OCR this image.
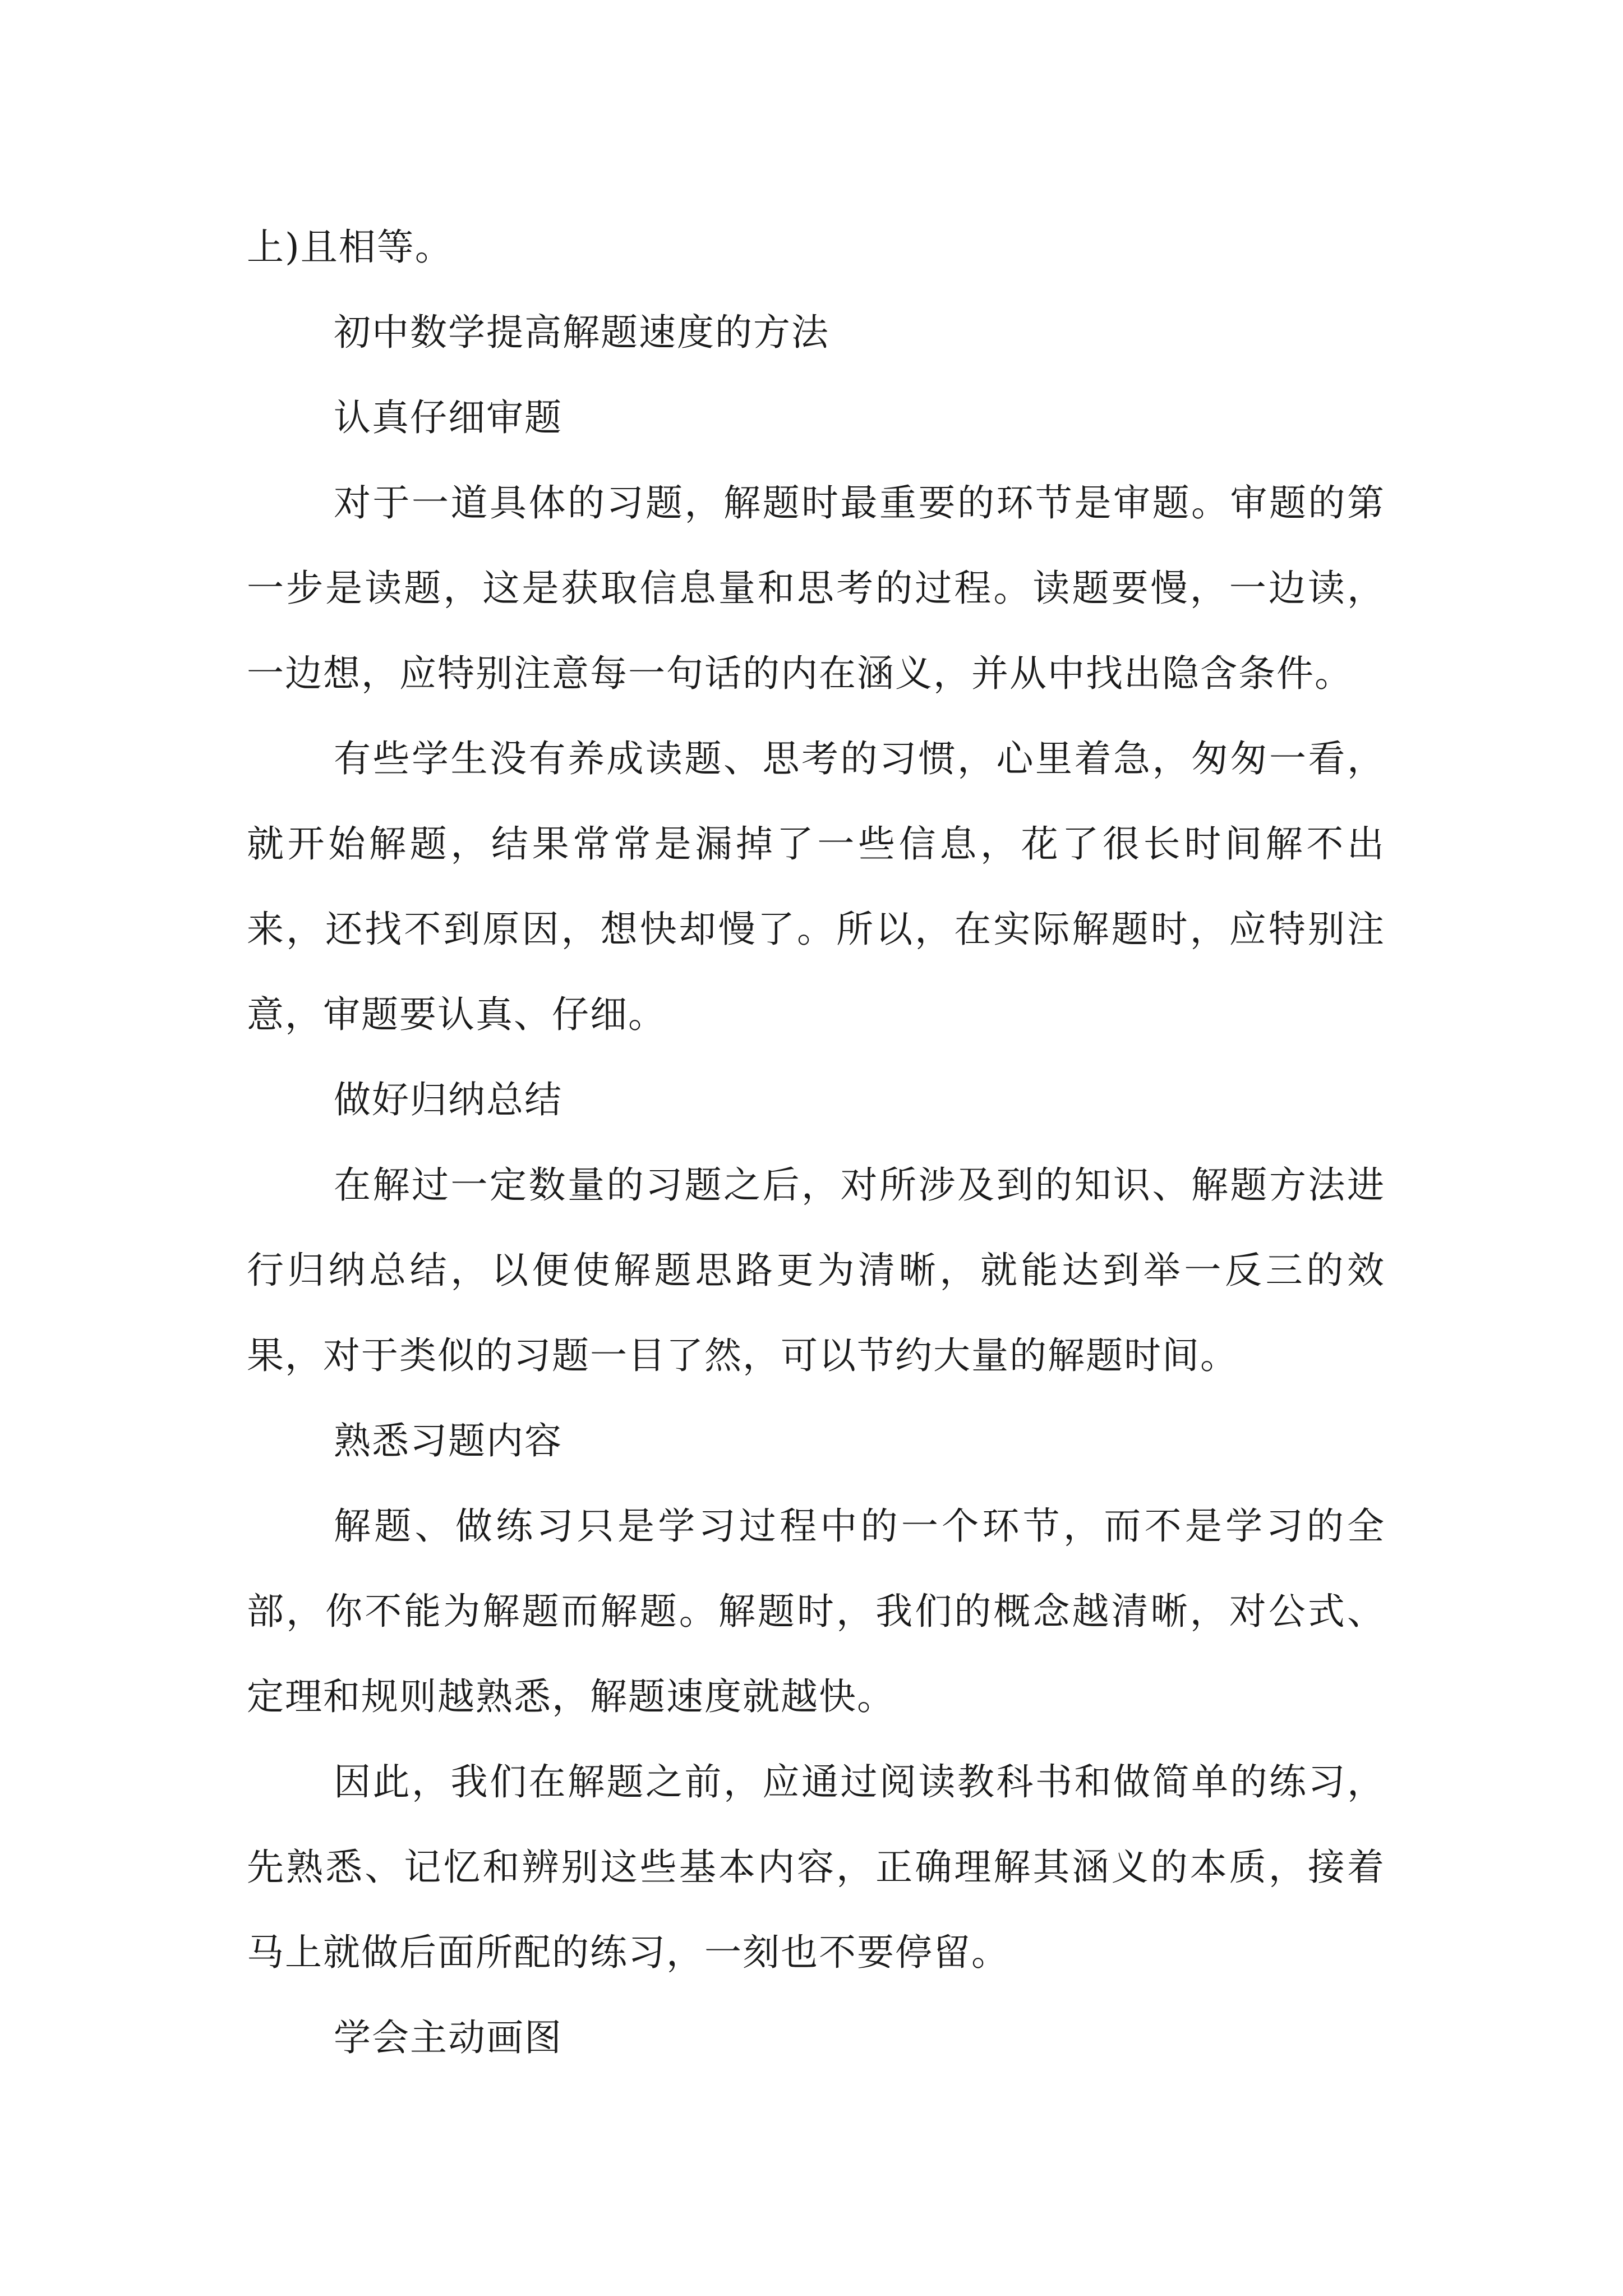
上)且相等。

初中数学提高解题速度的方法

认真仔细审题

对于一道具体的习题，解题时最重要的环节是审题。审题的第一步是读题，这是获取信息量和思考的过程。读题要慢，一边读，一边想，应特别注意每一句话的内在涵义，并从中找出隐含条件。

有些学生没有养成读题、思考的习惯，心里着急，匆匆一看，就开始解题，结果常常是漏掉了一些信息，花了很长时间解不出来，还找不到原因，想快却慢了。所以，在实际解题时，应特别注意，审题要认真、仔细。

做好归纳总结

在解过一定数量的习题之后，对所涉及到的知识、解题方法进行归纳总结，以便使解题思路更为清晰，就能达到举一反三的效果，对于类似的习题一目了然，可以节约大量的解题时间。

熟悉习题内容

解题、做练习只是学习过程中的一个环节，而不是学习的全部，你不能为解题而解题。解题时，我们的概念越清晰，对公式、定理和规则越熟悉，解题速度就越快。

因此，我们在解题之前，应通过阅读教科书和做简单的练习，先熟悉、记忆和辨别这些基本内容，正确理解其涵义的本质，接着马上就做后面所配的练习，一刻也不要停留。

学会主动画图
